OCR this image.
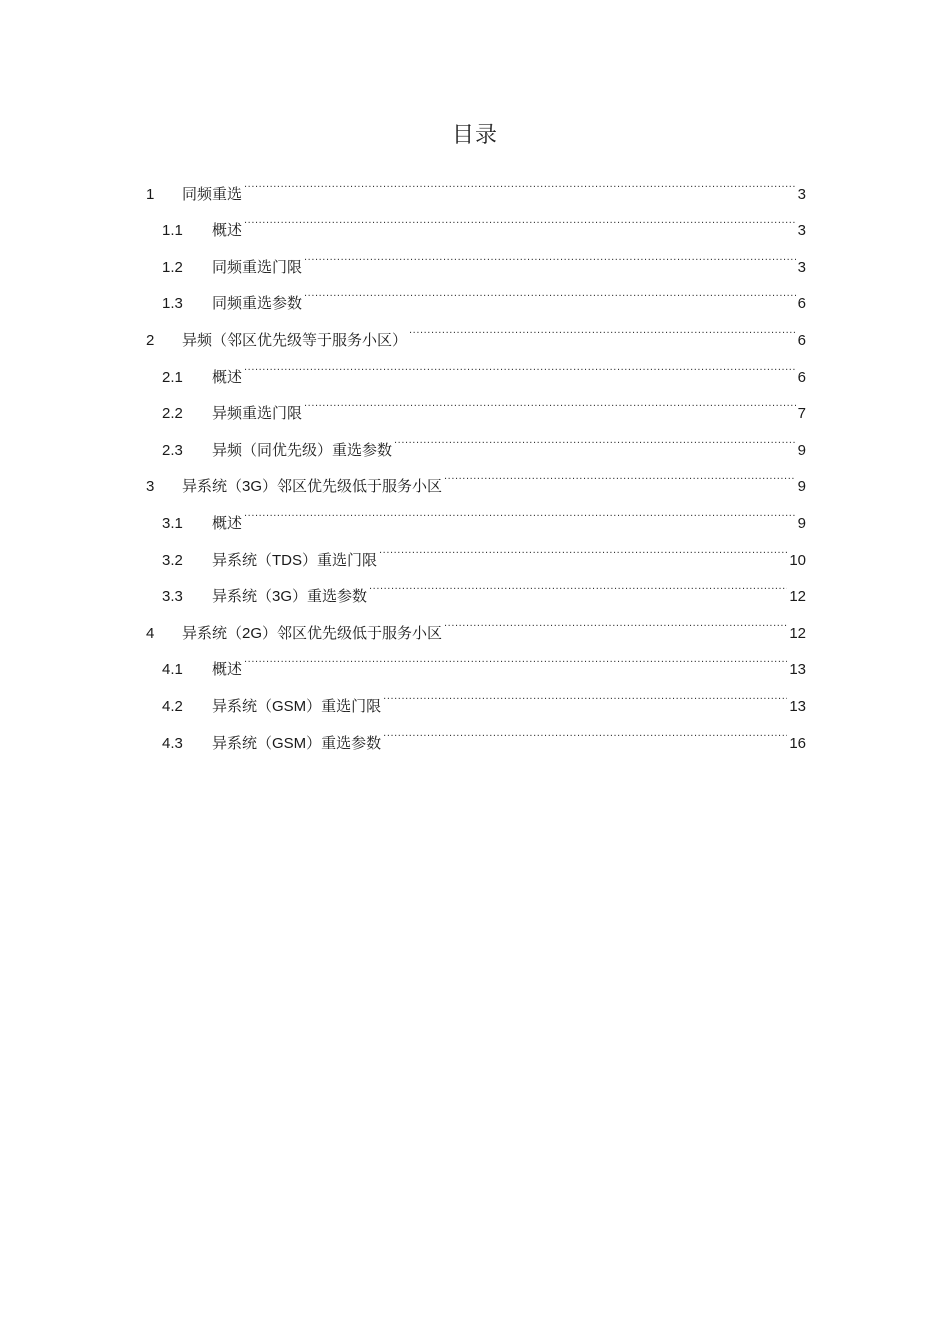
目录
1	同频重选 .....	3
1.1	概述 .....	3
1.2	同频重选门限 .....	3
1.3	同频重选参数 .....	6
2	异频（邻区优先级等于服务小区） .....	6
2.1	概述 .....	6
2.2	异频重选门限 .....	7
2.3	异频（同优先级）重选参数 .....	9
3	异系统（3G）邻区优先级低于服务小区 .....	9
3.1	概述 .....	9
3.2	异系统（TDS）重选门限 .....	10
3.3	异系统（3G）重选参数 .....	12
4	异系统（2G）邻区优先级低于服务小区 .....	12
4.1	概述 .....	13
4.2	异系统（GSM）重选门限 .....	13
4.3	异系统（GSM）重选参数 .....	16
